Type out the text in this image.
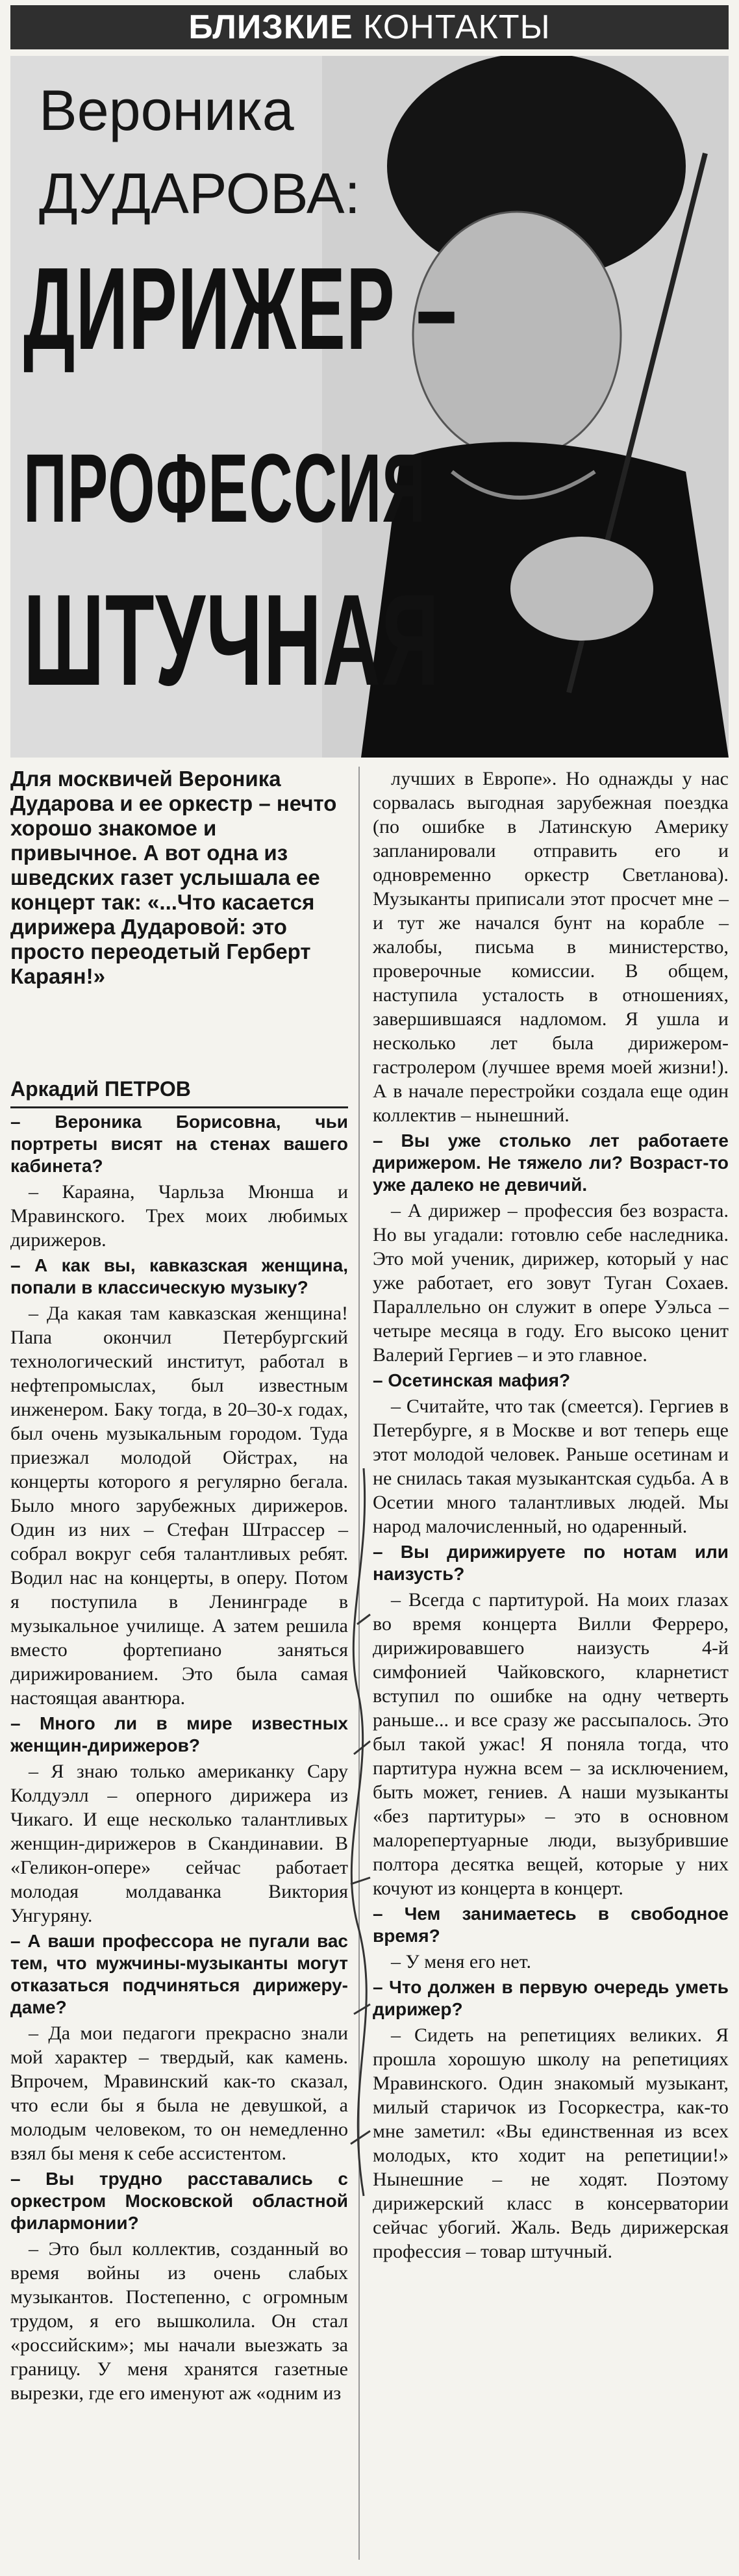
БЛИЗКИЕ КОНТАКТЫ
Вероника
ДУДАРОВА:
ДИРИЖЕР –
ПРОФЕССИЯ
ШТУЧНАЯ
Для москвичей Вероника Дударова и ее оркестр – нечто хорошо знакомое и привычное. А вот одна из шведских газет услышала ее концерт так: «...Что касается дирижера Дударовой: это просто переодетый Герберт Караян!»
Аркадий ПЕТРОВ

– Вероника Борисовна, чьи портреты висят на стенах вашего кабинета?

– Караяна, Чарльза Мюнша и Мравинского. Трех моих любимых дирижеров.

– А как вы, кавказская женщина, попали в классическую музыку?

– Да какая там кавказская женщина! Папа окончил Петербургский технологический институт, работал в нефтепромыслах, был известным инженером. Баку тогда, в 20–30-х годах, был очень музыкальным городом. Туда приезжал молодой Ойстрах, на концерты которого я регулярно бегала. Было много зарубежных дирижеров. Один из них – Стефан Штрассер – собрал вокруг себя талантливых ребят. Водил нас на концерты, в оперу. Потом я поступила в Ленинграде в музыкальное училище. А затем решила вместо фортепиано заняться дирижированием. Это была самая настоящая авантюра.

– Много ли в мире известных женщин-дирижеров?

– Я знаю только американку Сару Колдуэлл – оперного дирижера из Чикаго. И еще несколько талантливых женщин-дирижеров в Скандинавии. В «Геликон-опере» сейчас работает молодая молдаванка Виктория Унгуряну.

– А ваши профессора не пугали вас тем, что мужчины-музыканты могут отказаться подчиняться дирижеру-даме?

– Да мои педагоги прекрасно знали мой характер – твердый, как камень. Впрочем, Мравинский как-то сказал, что если бы я была не девушкой, а молодым человеком, то он немедленно взял бы меня к себе ассистентом.

– Вы трудно расставались с оркестром Московской областной филармонии?

– Это был коллектив, созданный во время войны из очень слабых музыкантов. Постепенно, с огромным трудом, я его вышколила. Он стал «российским»; мы начали выезжать за границу. У меня хранятся газетные вырезки, где его именуют аж «одним из

лучших в Европе». Но однажды у нас сорвалась выгодная зарубежная поездка (по ошибке в Латинскую Америку запланировали отправить его и одновременно оркестр Светланова). Музыканты приписали этот просчет мне – и тут же начался бунт на корабле – жалобы, письма в министерство, проверочные комиссии. В общем, наступила усталость в отношениях, завершившаяся надломом. Я ушла и несколько лет была дирижером-гастролером (лучшее время моей жизни!). А в начале перестройки создала еще один коллектив – нынешний.

– Вы уже столько лет работаете дирижером. Не тяжело ли? Возраст-то уже далеко не девичий.

– А дирижер – профессия без возраста. Но вы угадали: готовлю себе наследника. Это мой ученик, дирижер, который у нас уже работает, его зовут Туган Сохаев. Параллельно он служит в опере Уэльса – четыре месяца в году. Его высоко ценит Валерий Гергиев – и это главное.

– Осетинская мафия?

– Считайте, что так (смеется). Гергиев в Петербурге, я в Москве и вот теперь еще этот молодой человек. Раньше осетинам и не снилась такая музыкантская судьба. А в Осетии много талантливых людей. Мы народ малочисленный, но одаренный.

– Вы дирижируете по нотам или наизусть?

– Всегда с партитурой. На моих глазах во время концерта Вилли Ферреро, дирижировавшего наизусть 4-й симфонией Чайковского, кларнетист вступил по ошибке на одну четверть раньше... и все сразу же рассыпалось. Это был такой ужас! Я поняла тогда, что партитура нужна всем – за исключением, быть может, гениев. А наши музыканты «без партитуры» – это в основном малорепертуарные люди, вызубрившие полтора десятка вещей, которые у них кочуют из концерта в концерт.

– Чем занимаетесь в свободное время?

– У меня его нет.

– Что должен в первую очередь уметь дирижер?

– Сидеть на репетициях великих. Я прошла хорошую школу на репетициях Мравинского. Один знакомый музыкант, милый старичок из Госоркестра, как-то мне заметил: «Вы единственная из всех молодых, кто ходит на репетиции!» Нынешние – не ходят. Поэтому дирижерский класс в консерватории сейчас убогий. Жаль. Ведь дирижерская профессия – товар штучный.
